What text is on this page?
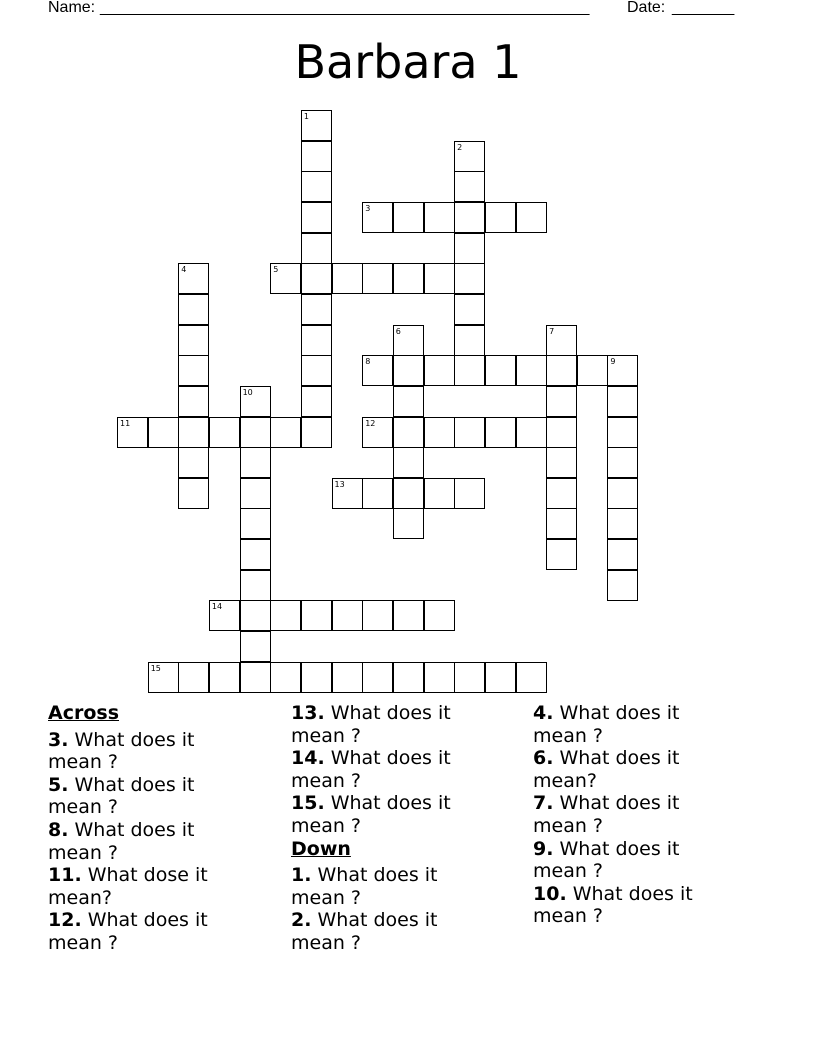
Name: _______________________________________________________ Date: _______
Barbara 1
3
5
8	9
11	12
13
14
15
1
2
4
6	7
10
Across
3. What does it mean ?
5. What does it mean ?
8. What does it mean ?
11. What dose it mean?
12. What does it mean ?
13. What does it mean ?
14. What does it mean ?
15. What does it mean ?
Down
1. What does it mean ?
2. What does it mean ?
4. What does it mean ?
6. What does it mean?
7. What does it mean ?
9. What does it mean ?
10. What does it mean ?
